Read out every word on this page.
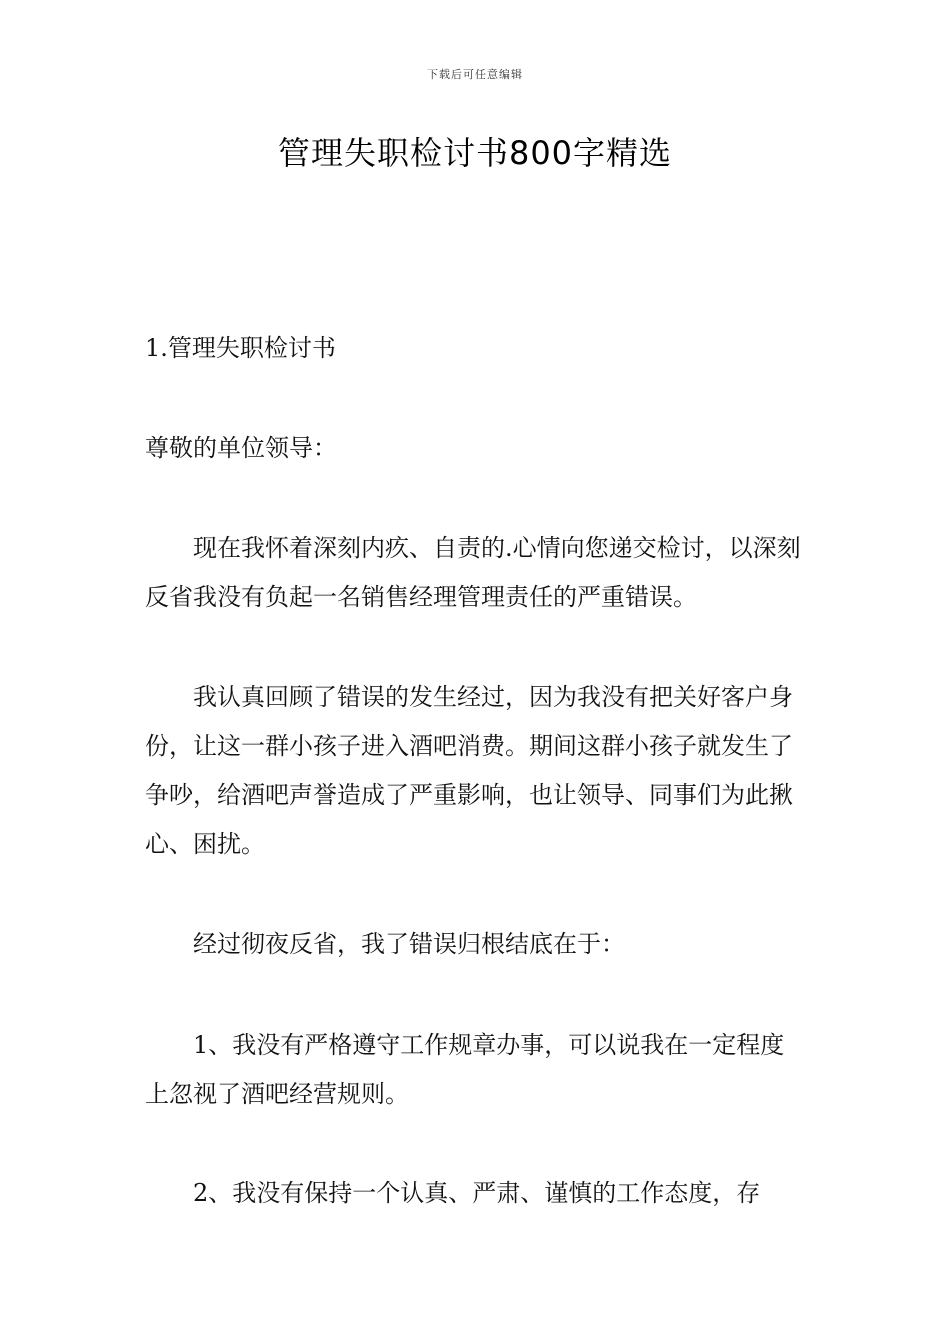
下载后可任意编辑
管理失职检讨书800字精选

1.管理失职检讨书

尊敬的单位领导：

现在我怀着深刻内疚、自责的.心情向您递交检讨，以深刻反省我没有负起一名销售经理管理责任的严重错误。

我认真回顾了错误的发生经过，因为我没有把关好客户身份，让这一群小孩子进入酒吧消费。期间这群小孩子就发生了争吵，给酒吧声誉造成了严重影响，也让领导、同事们为此揪心、困扰。

经过彻夜反省，我了错误归根结底在于：

1、我没有严格遵守工作规章办事，可以说我在一定程度上忽视了酒吧经营规则。

2、我没有保持一个认真、严肃、谨慎的工作态度，存
